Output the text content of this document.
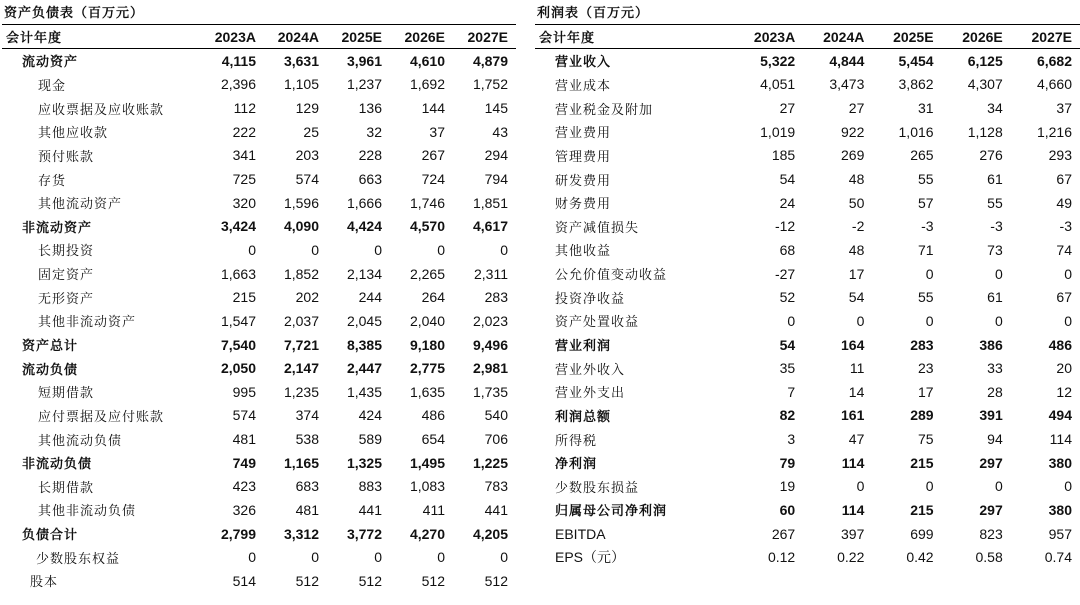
资产负债表（百万元）
会计年度	2023A	2024A	2025E	2026E	2027E
流动资产	4,115	3,631	3,961	4,610	4,879
现金	2,396	1,105	1,237	1,692	1,752
应收票据及应收账款	112	129	136	144	145
其他应收款	222	25	32	37	43
预付账款	341	203	228	267	294
存货	725	574	663	724	794
其他流动资产	320	1,596	1,666	1,746	1,851
非流动资产	3,424	4,090	4,424	4,570	4,617
长期投资	0	0	0	0	0
固定资产	1,663	1,852	2,134	2,265	2,311
无形资产	215	202	244	264	283
其他非流动资产	1,547	2,037	2,045	2,040	2,023
资产总计	7,540	7,721	8,385	9,180	9,496
流动负债	2,050	2,147	2,447	2,775	2,981
短期借款	995	1,235	1,435	1,635	1,735
应付票据及应付账款	574	374	424	486	540
其他流动负债	481	538	589	654	706
非流动负债	749	1,165	1,325	1,495	1,225
长期借款	423	683	883	1,083	783
其他非流动负债	326	481	441	411	441
负债合计	2,799	3,312	3,772	4,270	4,205
少数股东权益	0	0	0	0	0
股本	514	512	512	512	512
利润表（百万元）
会计年度	2023A	2024A	2025E	2026E	2027E
营业收入	5,322	4,844	5,454	6,125	6,682
营业成本	4,051	3,473	3,862	4,307	4,660
营业税金及附加	27	27	31	34	37
营业费用	1,019	922	1,016	1,128	1,216
管理费用	185	269	265	276	293
研发费用	54	48	55	61	67
财务费用	24	50	57	55	49
资产减值损失	-12	-2	-3	-3	-3
其他收益	68	48	71	73	74
公允价值变动收益	-27	17	0	0	0
投资净收益	52	54	55	61	67
资产处置收益	0	0	0	0	0
营业利润	54	164	283	386	486
营业外收入	35	11	23	33	20
营业外支出	7	14	17	28	12
利润总额	82	161	289	391	494
所得税	3	47	75	94	114
净利润	79	114	215	297	380
少数股东损益	19	0	0	0	0
归属母公司净利润	60	114	215	297	380
EBITDA	267	397	699	823	957
EPS（元）	0.12	0.22	0.42	0.58	0.74
